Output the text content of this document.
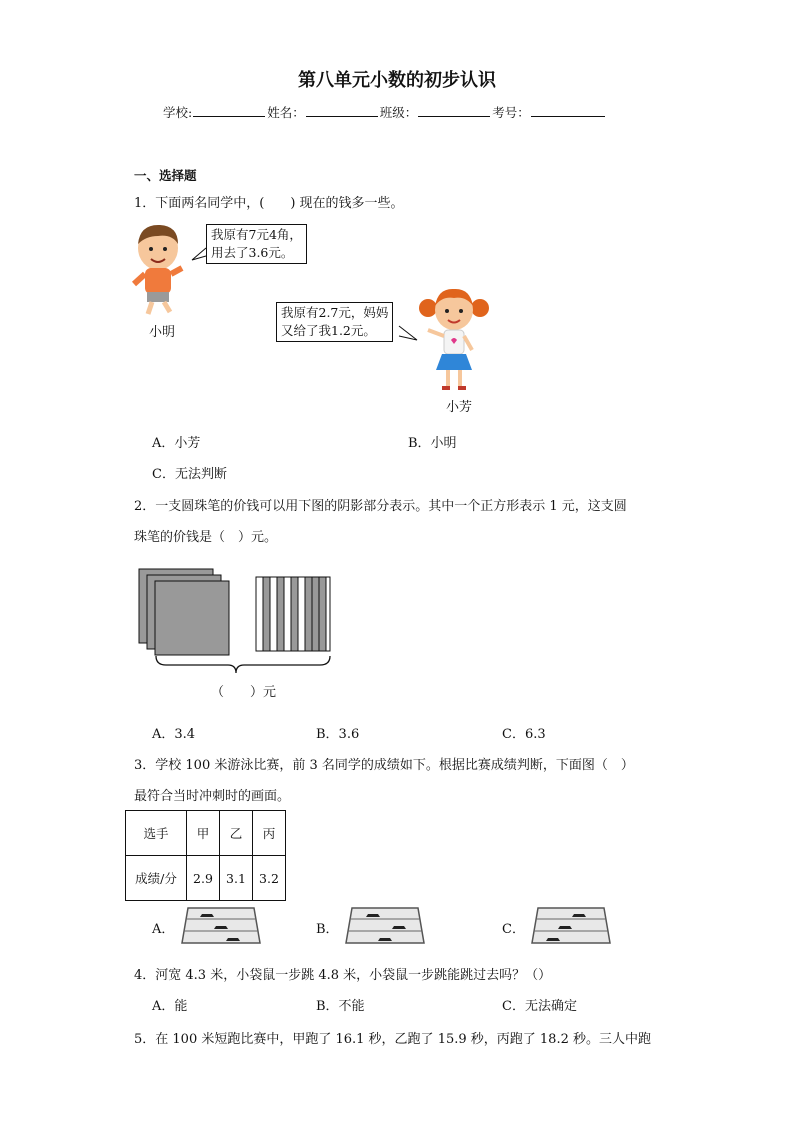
第八单元小数的初步认识
学校:	姓名：	班级：	考号：
一、选择题
1．下面两名同学中，(　　) 现在的钱多一些。
我原有7元4角，
用去了3.6元。
小明
我原有2.7元，妈妈
又给了我1.2元。
小芳
A．小芳	B．小明
C．无法判断
2．一支圆珠笔的价钱可以用下图的阴影部分表示。其中一个正方形表示 1 元，这支圆
珠笔的价钱是（　）元。
（　　）元
A．3.4	B．3.6	C．6.3
3．学校 100 米游泳比赛，前 3 名同学的成绩如下。根据比赛成绩判断，下面图（　）
最符合当时冲刺时的画面。
选手	甲	乙	丙
成绩/分	2.9	3.1	3.2
A．	B．	C．
4．河宽 4.3 米，小袋鼠一步跳 4.8 米，小袋鼠一步跳能跳过去吗？（）
A．能	B．不能	C．无法确定
5．在 100 米短跑比赛中，甲跑了 16.1 秒，乙跑了 15.9 秒，丙跑了 18.2 秒。三人中跑
